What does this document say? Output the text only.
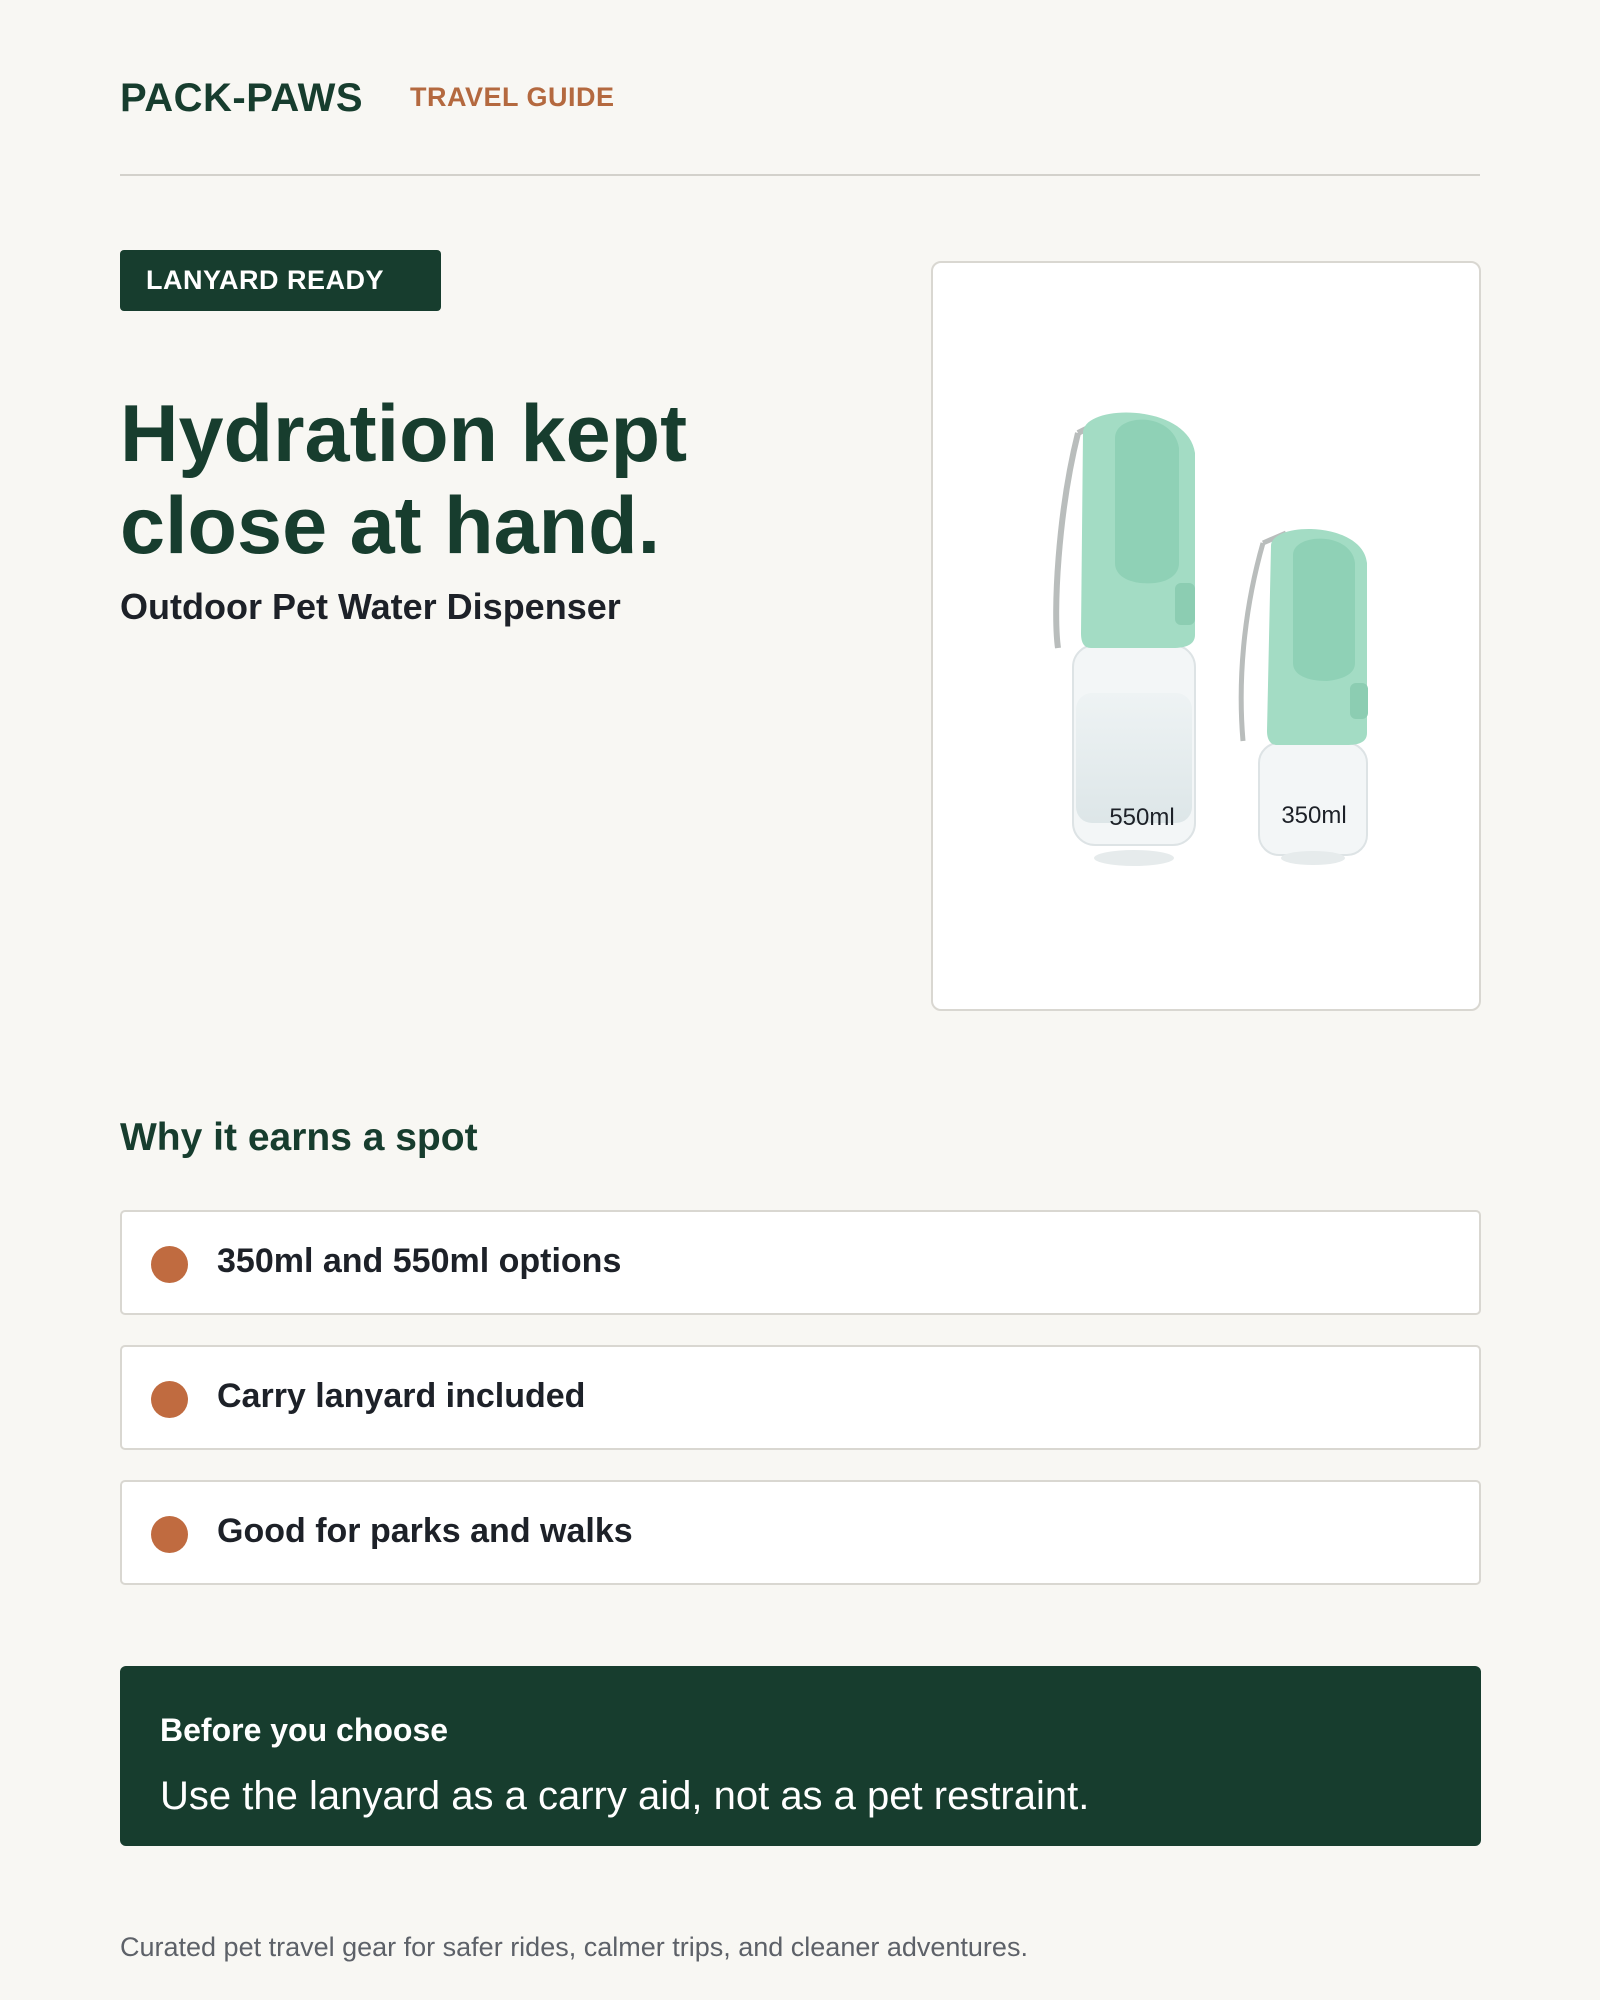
PACK-PAWS TRAVEL GUIDE
LANYARD READY
Hydration kept
close at hand.
Outdoor Pet Water Dispenser
550ml	350ml
Why it earns a spot
350ml and 550ml options
Carry lanyard included
Good for parks and walks
Before you choose
Use the lanyard as a carry aid, not as a pet restraint.
Curated pet travel gear for safer rides, calmer trips, and cleaner adventures.
